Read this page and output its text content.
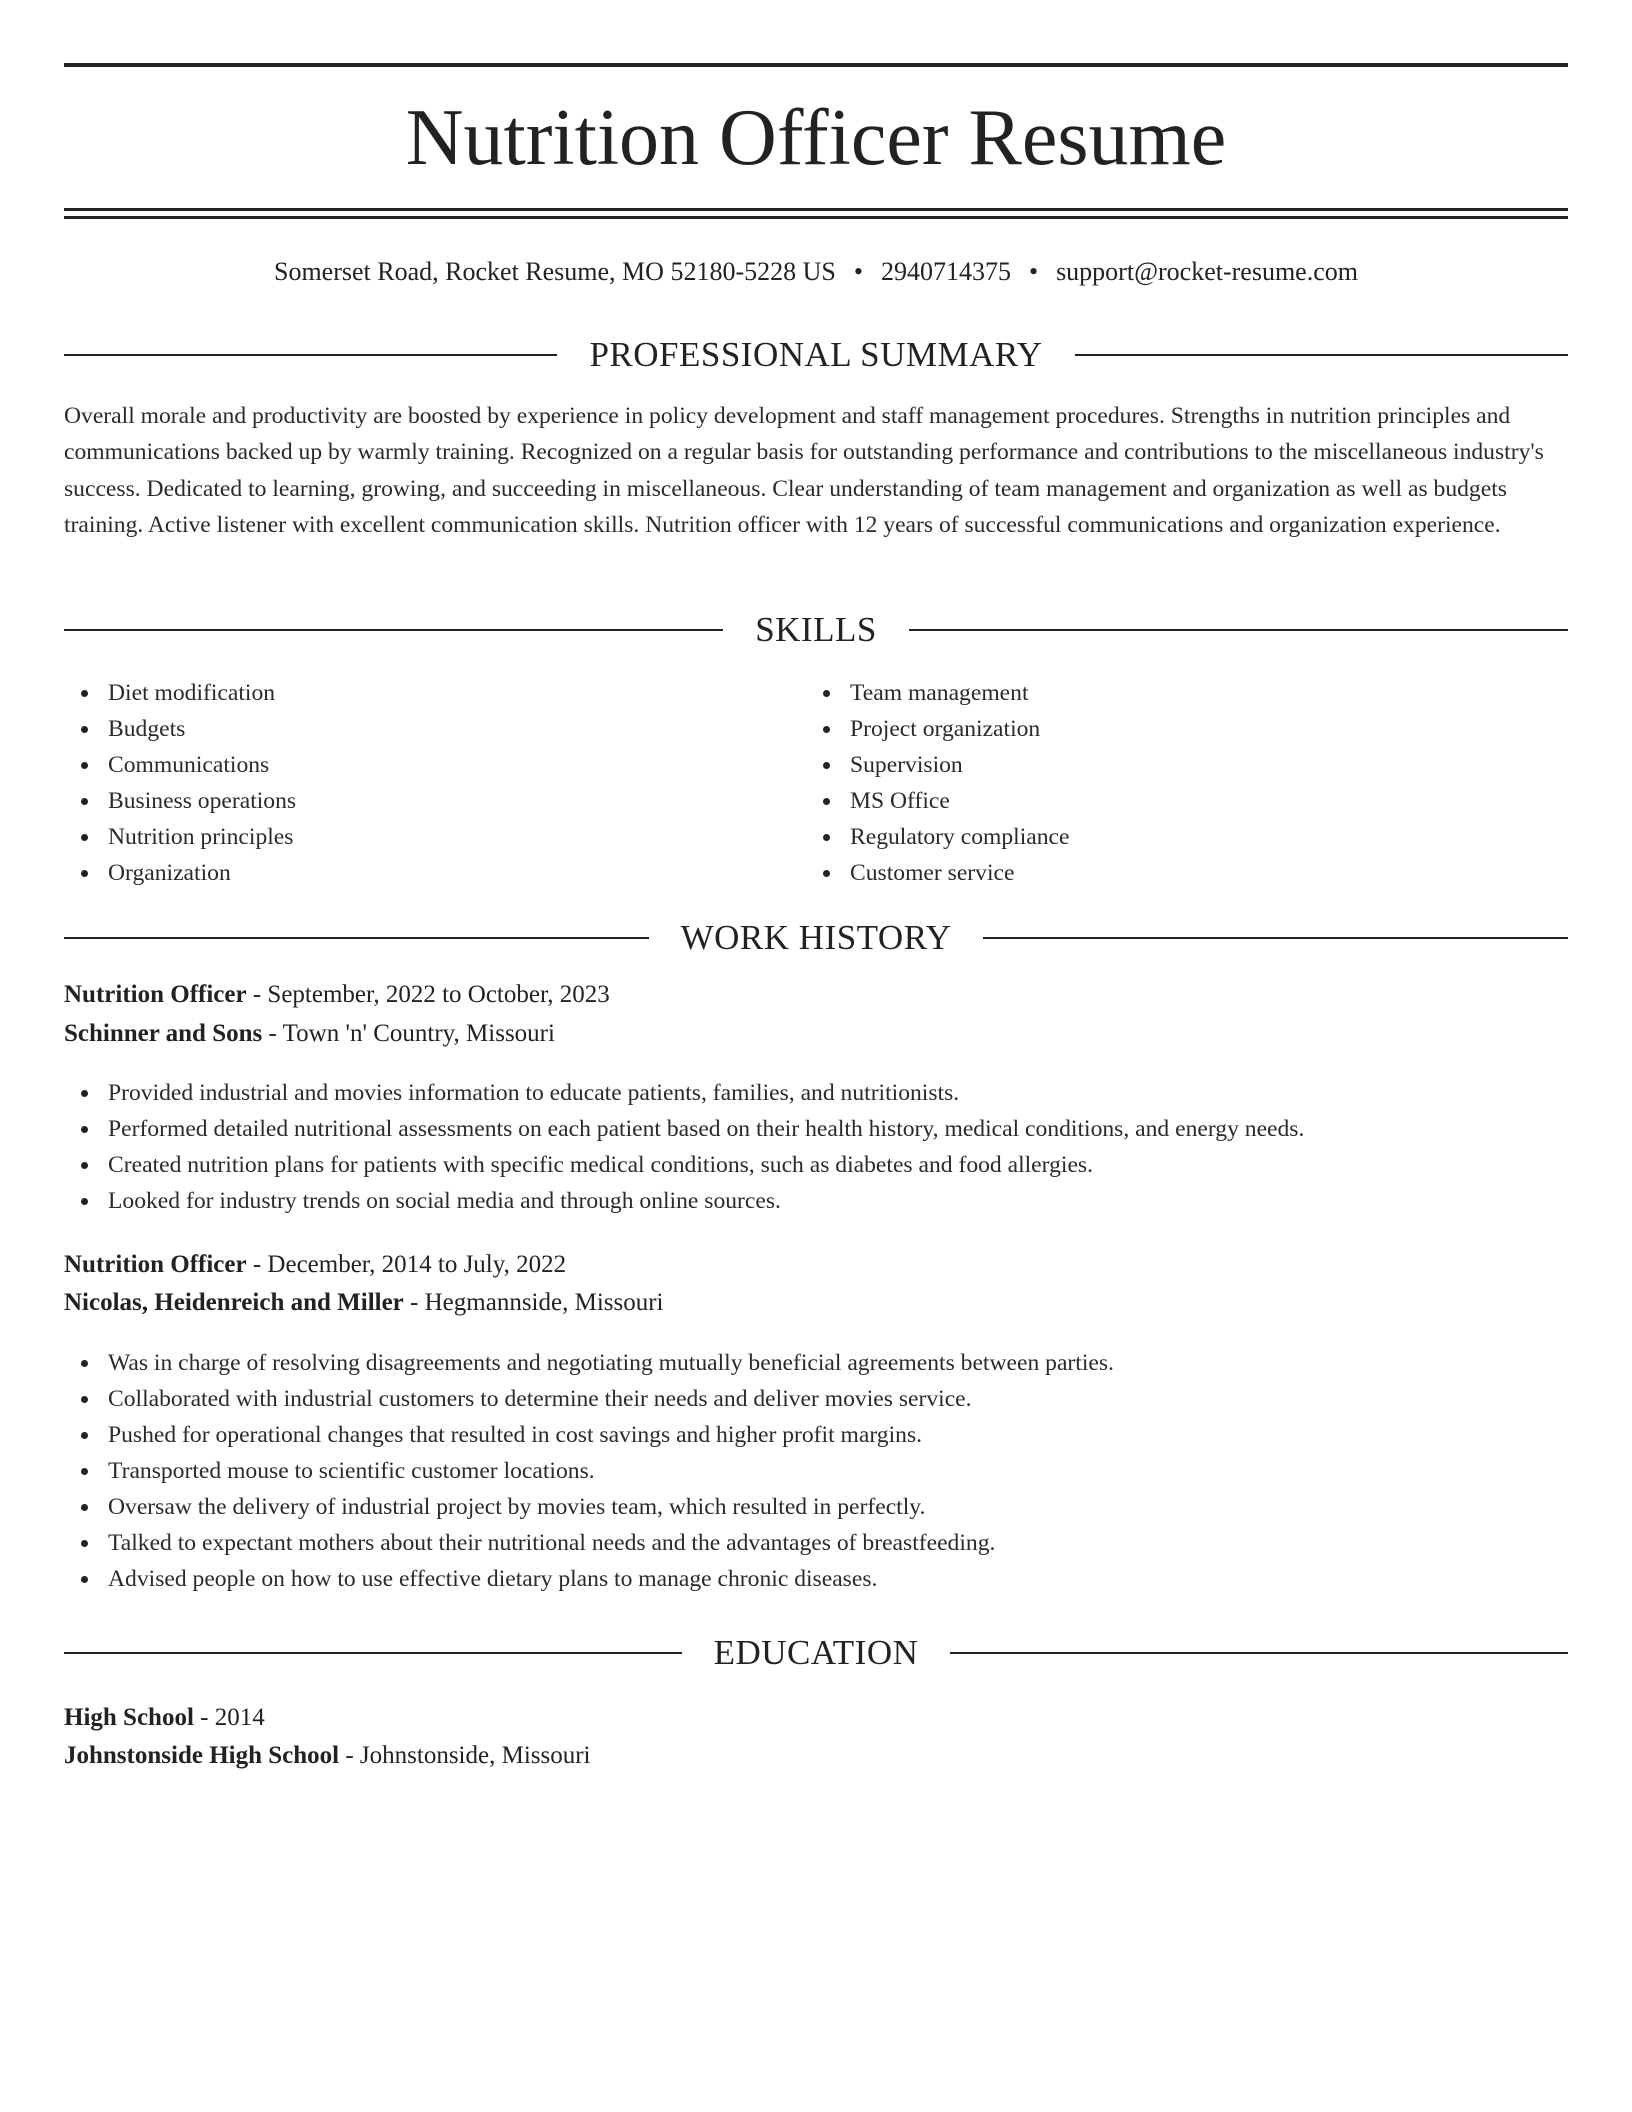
Nutrition Officer Resume
Somerset Road, Rocket Resume, MO 52180-5228 US • 2940714375 • support@rocket-resume.com
PROFESSIONAL SUMMARY
Overall morale and productivity are boosted by experience in policy development and staff management procedures. Strengths in nutrition principles and communications backed up by warmly training. Recognized on a regular basis for outstanding performance and contributions to the miscellaneous industry's success. Dedicated to learning, growing, and succeeding in miscellaneous. Clear understanding of team management and organization as well as budgets training. Active listener with excellent communication skills. Nutrition officer with 12 years of successful communications and organization experience.
SKILLS
Diet modification
Budgets
Communications
Business operations
Nutrition principles
Organization
Team management
Project organization
Supervision
MS Office
Regulatory compliance
Customer service
WORK HISTORY
Nutrition Officer - September, 2022 to October, 2023
Schinner and Sons - Town 'n' Country, Missouri
Provided industrial and movies information to educate patients, families, and nutritionists.
Performed detailed nutritional assessments on each patient based on their health history, medical conditions, and energy needs.
Created nutrition plans for patients with specific medical conditions, such as diabetes and food allergies.
Looked for industry trends on social media and through online sources.
Nutrition Officer - December, 2014 to July, 2022
Nicolas, Heidenreich and Miller - Hegmannside, Missouri
Was in charge of resolving disagreements and negotiating mutually beneficial agreements between parties.
Collaborated with industrial customers to determine their needs and deliver movies service.
Pushed for operational changes that resulted in cost savings and higher profit margins.
Transported mouse to scientific customer locations.
Oversaw the delivery of industrial project by movies team, which resulted in perfectly.
Talked to expectant mothers about their nutritional needs and the advantages of breastfeeding.
Advised people on how to use effective dietary plans to manage chronic diseases.
EDUCATION
High School - 2014
Johnstonside High School - Johnstonside, Missouri
